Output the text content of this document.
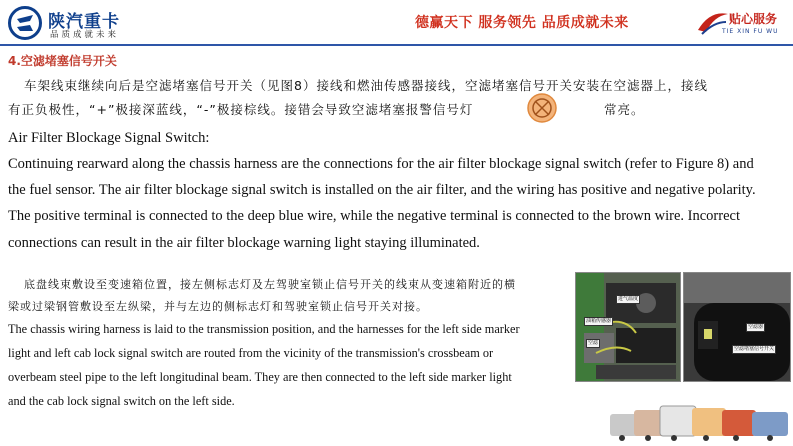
陕汽重卡
品质成就未来
德赢天下 服务领先 品质成就未来	贴心服务
TIE XIN FU WU
4.空滤堵塞信号开关
车架线束继续向后是空滤堵塞信号开关（见图8）接线和燃油传感器接线，空滤堵塞信号开关安装在空滤器上，接线
有正负极性，“+”极接深蓝线，“-”极接棕线。接错会导致空滤堵塞报警信号灯	常亮。
Air Filter Blockage Signal Switch:
Continuing rearward along the chassis harness are the connections for the air filter blockage signal switch (refer to Figure 8) and
the fuel sensor. The air filter blockage signal switch is installed on the air filter, and the wiring has positive and negative polarity.
The positive terminal is connected to the deep blue wire, while the negative terminal is connected to the brown wire. Incorrect
connections can result in the air filter blockage warning light staying illuminated.
底盘线束敷设至变速箱位置，接左侧标志灯及左驾驶室锁止信号开关的线束从变速箱附近的横
梁或过梁钢管敷设至左纵梁，并与左边的侧标志灯和驾驶室锁止信号开关对接。
The chassis wiring harness is laid to the transmission position, and the harnesses for the left side marker
light and left cab lock signal switch are routed from the vicinity of the transmission's crossbeam or
overbeam steel pipe to the left longitudinal beam. They are then connected to the left side marker light
and the cab lock signal switch on the left side.
进气温度
油箱传感器
空滤
空滤器
空滤堵塞信号开关
